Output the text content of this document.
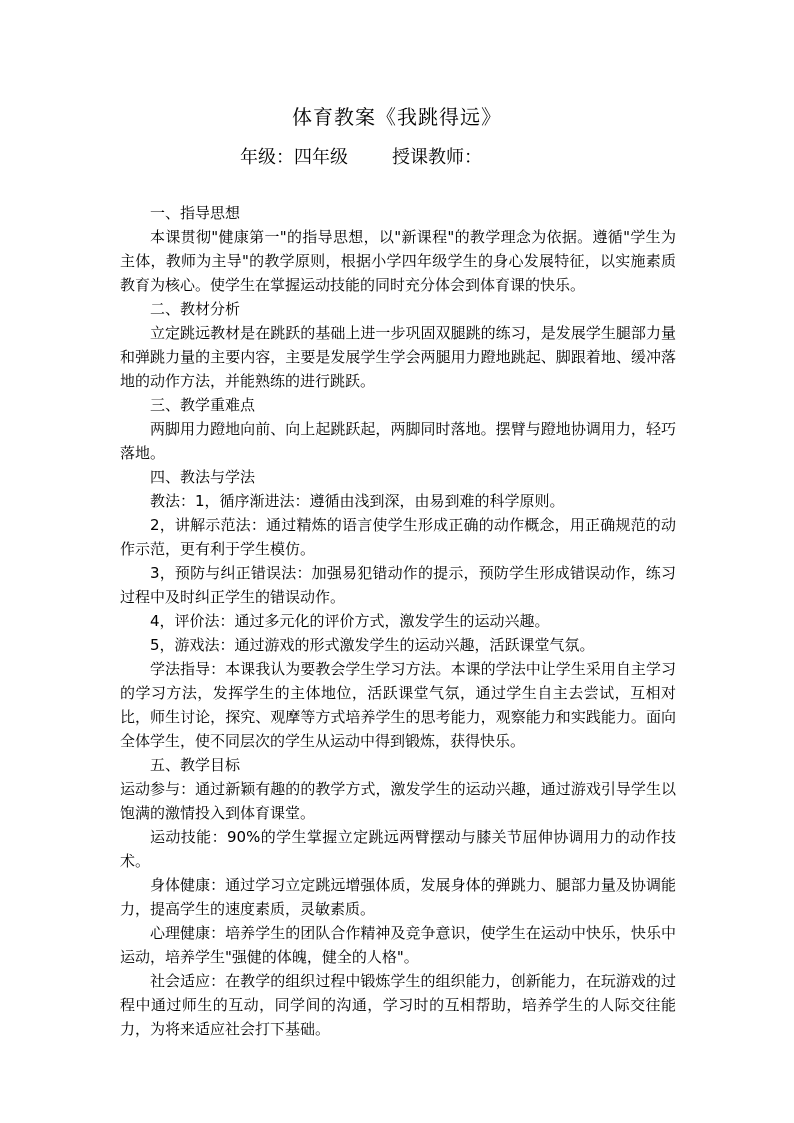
体育教案《我跳得远》
年级：四年级 授课教师：

一、指导思想

本课贯彻"健康第一"的指导思想，以"新课程"的教学理念为依据。遵循"学生为主体，教师为主导"的教学原则，根据小学四年级学生的身心发展特征，以实施素质教育为核心。使学生在掌握运动技能的同时充分体会到体育课的快乐。

二、教材分析

立定跳远教材是在跳跃的基础上进一步巩固双腿跳的练习，是发展学生腿部力量和弹跳力量的主要内容，主要是发展学生学会两腿用力蹬地跳起、脚跟着地、缓冲落地的动作方法，并能熟练的进行跳跃。

三、教学重难点

两脚用力蹬地向前、向上起跳跃起，两脚同时落地。摆臂与蹬地协调用力，轻巧落地。

四、教法与学法

教法：1，循序渐进法：遵循由浅到深，由易到难的科学原则。

2，讲解示范法：通过精炼的语言使学生形成正确的动作概念，用正确规范的动作示范，更有利于学生模仿。

3，预防与纠正错误法：加强易犯错动作的提示，预防学生形成错误动作，练习过程中及时纠正学生的错误动作。

4，评价法：通过多元化的评价方式，激发学生的运动兴趣。

5，游戏法：通过游戏的形式激发学生的运动兴趣，活跃课堂气氛。

学法指导：本课我认为要教会学生学习方法。本课的学法中让学生采用自主学习的学习方法，发挥学生的主体地位，活跃课堂气氛，通过学生自主去尝试，互相对比，师生讨论，探究、观摩等方式培养学生的思考能力，观察能力和实践能力。面向全体学生，使不同层次的学生从运动中得到锻炼，获得快乐。

五、教学目标

运动参与：通过新颖有趣的的教学方式，激发学生的运动兴趣，通过游戏引导学生以饱满的激情投入到体育课堂。

运动技能：90%的学生掌握立定跳远两臂摆动与膝关节屈伸协调用力的动作技术。

身体健康：通过学习立定跳远增强体质，发展身体的弹跳力、腿部力量及协调能力，提高学生的速度素质，灵敏素质。

心理健康：培养学生的团队合作精神及竞争意识，使学生在运动中快乐，快乐中运动，培养学生"强健的体魄，健全的人格"。

社会适应：在教学的组织过程中锻炼学生的组织能力，创新能力，在玩游戏的过程中通过师生的互动，同学间的沟通，学习时的互相帮助，培养学生的人际交往能力，为将来适应社会打下基础。
